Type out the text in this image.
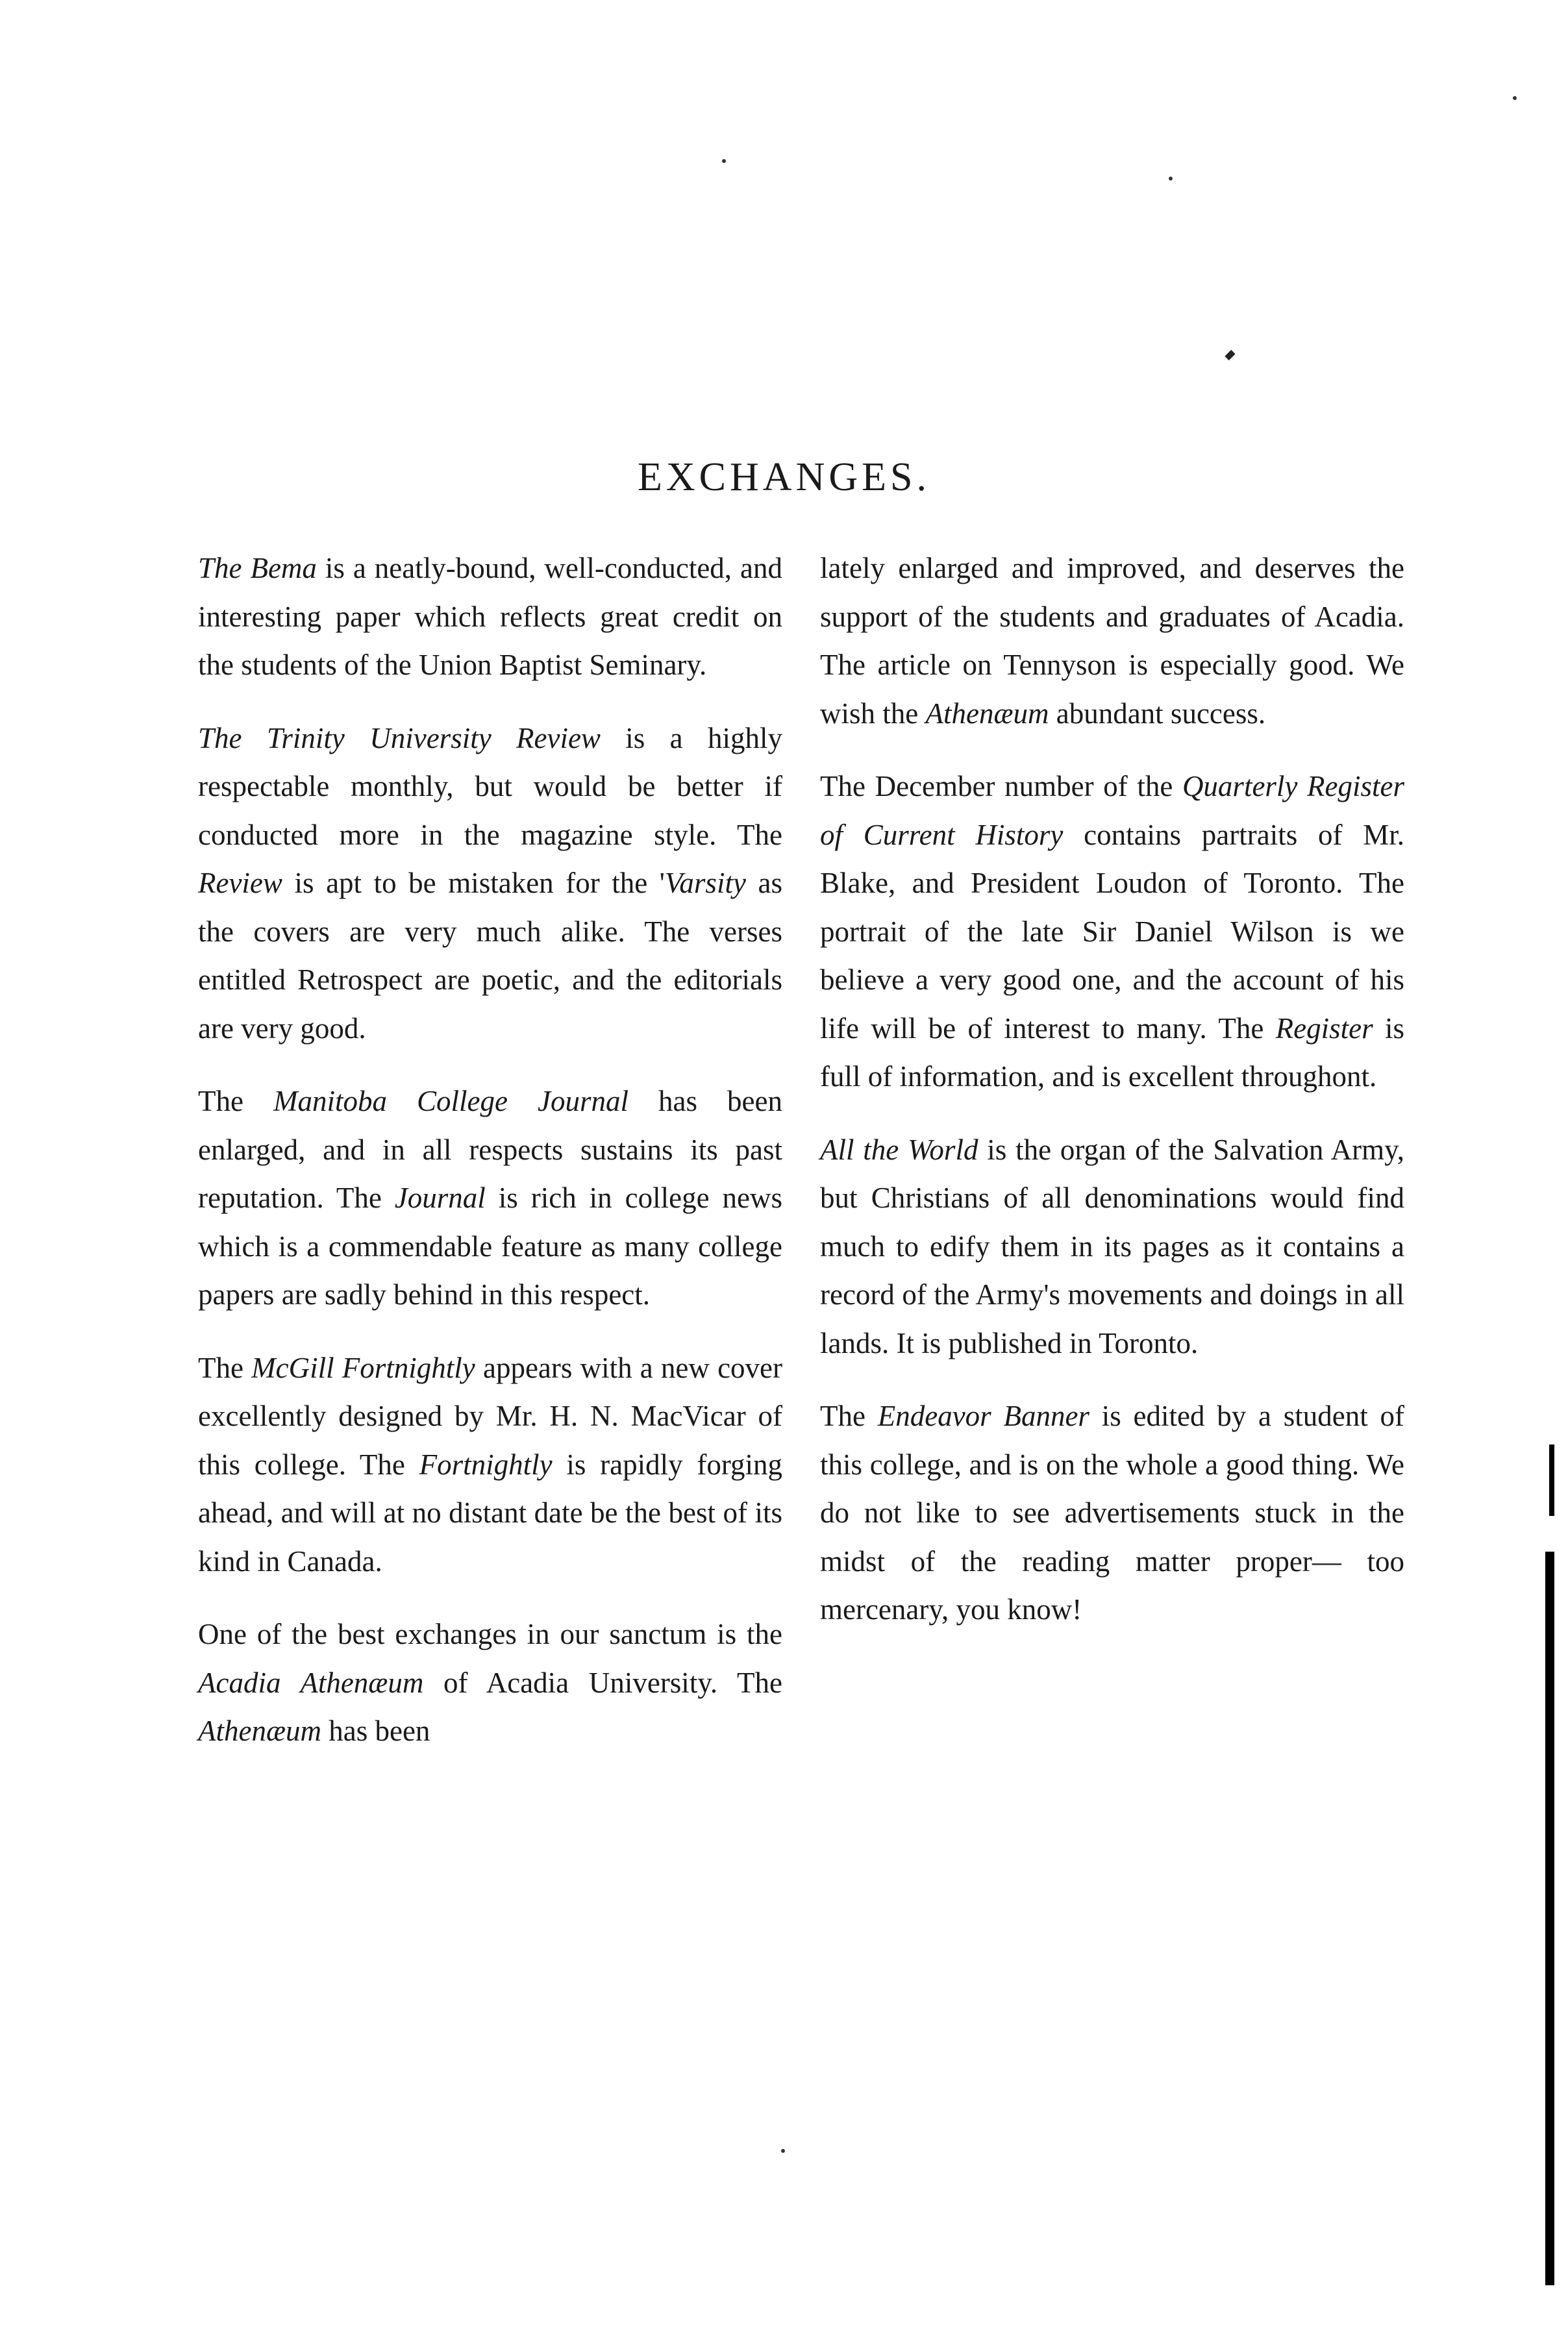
EXCHANGES.

The Bema is a neatly-bound, well-conducted, and interesting paper which reflects great credit on the students of the Union Baptist Seminary.

The Trinity University Review is a highly respectable monthly, but would be better if conducted more in the magazine style. The Review is apt to be mistaken for the 'Varsity as the covers are very much alike. The verses entitled Retrospect are poetic, and the editorials are very good.

The Manitoba College Journal has been enlarged, and in all respects sustains its past reputation. The Journal is rich in college news which is a commendable feature as many college papers are sadly behind in this respect.

The McGill Fortnightly appears with a new cover excellently designed by Mr. H. N. MacVicar of this college. The Fortnightly is rapidly forging ahead, and will at no distant date be the best of its kind in Canada.

One of the best exchanges in our sanctum is the Acadia Athenæum of Acadia University. The Athenæum has been

lately enlarged and improved, and deserves the support of the students and graduates of Acadia. The article on Tennyson is especially good. We wish the Athenæum abundant success.

The December number of the Quarterly Register of Current History contains partraits of Mr. Blake, and President Loudon of Toronto. The portrait of the late Sir Daniel Wilson is we believe a very good one, and the account of his life will be of interest to many. The Register is full of information, and is excellent throughont.

All the World is the organ of the Salvation Army, but Christians of all denominations would find much to edify them in its pages as it contains a record of the Army's movements and doings in all lands. It is published in Toronto.

The Endeavor Banner is edited by a student of this college, and is on the whole a good thing. We do not like to see advertisements stuck in the midst of the reading matter proper— too mercenary, you know!
